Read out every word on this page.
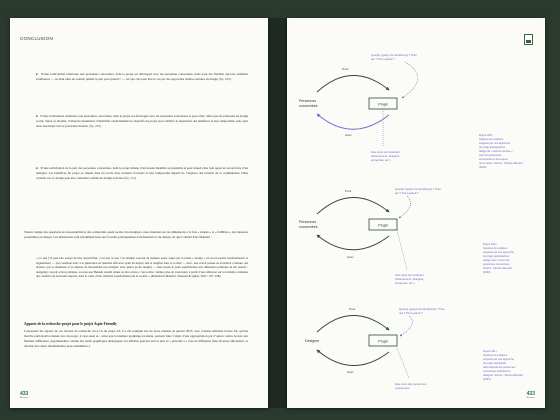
CONCLUSION
■ D’une sollicitation extérieure aux personnes concernées, dont le projet est développé avec les personnes concernées, mais pour des finalités qui leur semblent extérieures — ou dont elles ne veulent jamais le jour pour quand ? —, tel que cela peut être le cas par des approches techno-centrées en design (fig. 229).
■ D’une sollicitation extérieure aux personnes concernées, dont le projet est développé avec les personnes concernées et pour elles; telles que les pratiques en design social. Selon ce modèle, il importe néanmoins d’identifier explicitement les objectifs du projet pour clarifier la répartition des bénéfices et leur temporalité, sans quoi nous basculons vers le précédent modèle (fig. 230).
■ D’une sollicitation de la part des personnes concernées, dont le projet émane d’un besoin identifié au préalable et pour lequel elles font appel au savoir-faire d’un designer. Les bénéfices du projet se situent dans un cercle plus restreint d’acteurs et leur temporalité dépend de l’urgence des besoins de la communauté. Dans certains cas, le design peut être considéré comme du design activiste (fig. 231).
Tenant compte des questions de responsabilité et des compromis quant au être des designers, nous insistons sur les dimensions à la fois « situées » et « faillibles » des réponses potentielles en design. Ces dimensions sont notamment liées aux facultés politiquement transformatrices du design, tel que l’entend Ezio Manzini :
« Ce que j’ai peut-être essayé de dire aujourd’hui, c’est que ce que l’on désigne souvent de manière assez vague par le terme « design » est un processus transformateur et régénérateur — qui contribue donc à la génération de résultats efficaces ayant un impact réel et tangible dans la société — donc, une action pensée en évolution continue, qui devient, qui se manifeste et se déploie en mouvement (un designer donc plutôt qu’un design) — dans lequel je peux expérimenter une dimension politique de ma pensée : designing conçoit action politique, au sens que Hannah Arendt donne au mot action, c’est-à-dire, comme prise de conscience à partir d’une réflexion sur les intérêts communs qui conduit à de nouveaux départs, dans le cadre d’une véritable transformation de la société. » (Manzini in Manzini, Tassinari & Quinz, 2022 : 197–198)
Apports de la recherche-projet pour le projet Aspie-Friendly
Concernant les apports de ces travaux de recherche vis-à-vis du projet AF, il a été souligné lors de notre réunion de janvier 2023, avec certains référents locaux AF, qu’une marche participative menée lors du projet, à vaut aussi et... ainsi que la manière graphique produite, peuvent faire l’objet d’une appropriation par d’autres cadres locaux aux finalités différentes. Appréhendées comme des outils graphiques dialogiques, les affiches peuvent tout le plus le « prévenir à » tous de diffusions dans diverses universités, et devenir des objets intermédiaires pour sensibiliser à
433
Annexes
Pour
Personnes
concernées	Projet
Avec
Quel(s) type(s) de bénéfice(s) ? Pour
qui ? Pour quand ?
Idée vient de l’extérieur
(financement, designer,
entreprise, etc.)
Figure 229 •
Système de relations
supposé par une approche
de projet participatif en
design de « techno-centrée »
avec les personnes
concernées et les enjeux
de la même. Source : Morson-Menard
(2023)
Pour
Personnes
concernées	Projet
Avec
Quel(s) type(s) de bénéfice(s) ? Pour
qui ? Pour quand ?
Idée vient de l’extérieur
(financement, designer,
entreprise, etc.)
Figure 230 •
Système de relations
supposé par une approche
de projet participatif en
design avec et pour les
personnes concernées.
Source : Morson-Menard
(2023)
Pour
Designer	Projet
Avec
Quel(s) type(s) de bénéfice(s) ? Pour
qui ? Pour quand ?
Idée vient des personnes
concernées
Figure 231 •
Système de relations
supposé par une approche
de projet participatif
dans laquelle les personnes
concernées sollicitent le
designer. Source : Morson-Menard
(2023)
433
Annexes
